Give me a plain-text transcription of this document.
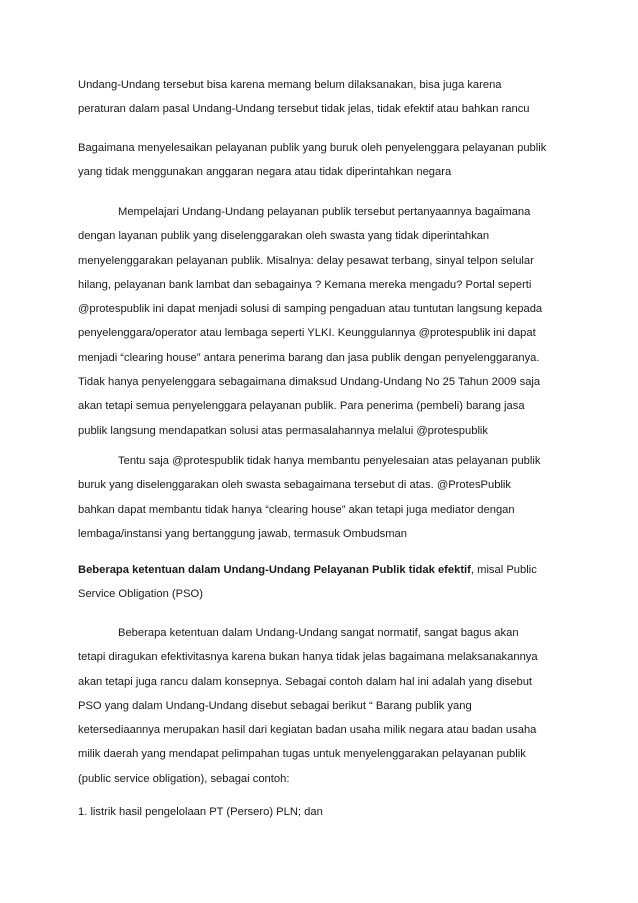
Undang-Undang tersebut bisa karena memang belum dilaksanakan, bisa juga karena
peraturan dalam pasal Undang-Undang tersebut tidak jelas, tidak efektif atau bahkan rancu
Bagaimana menyelesaikan pelayanan publik yang buruk oleh penyelenggara pelayanan publik
yang tidak menggunakan anggaran negara atau tidak diperintahkan negara
Mempelajari Undang-Undang pelayanan publik tersebut pertanyaannya bagaimana
dengan layanan publik yang diselenggarakan oleh swasta yang tidak diperintahkan
menyelenggarakan pelayanan publik. Misalnya: delay pesawat terbang, sinyal telpon selular
hilang, pelayanan bank lambat dan sebagainya ? Kemana mereka mengadu? Portal seperti
@protespublik ini dapat menjadi solusi di samping pengaduan atau tuntutan langsung kepada
penyelenggara/operator atau lembaga seperti YLKI. Keunggulannya @protespublik ini dapat
menjadi “clearing house” antara penerima barang dan jasa publik dengan penyelenggaranya.
Tidak hanya penyelenggara sebagaimana dimaksud Undang-Undang No 25 Tahun 2009 saja
akan tetapi semua penyelenggara pelayanan publik. Para penerima (pembeli) barang jasa
publik langsung mendapatkan solusi atas permasalahannya melalui @protespublik
Tentu saja @protespublik tidak hanya membantu penyelesaian atas pelayanan publik
buruk yang diselenggarakan oleh swasta sebagaimana tersebut di atas. @ProtesPublik
bahkan dapat membantu tidak hanya “clearing house” akan tetapi juga mediator dengan
lembaga/instansi yang bertanggung jawab, termasuk Ombudsman
Beberapa ketentuan dalam Undang-Undang Pelayanan Publik tidak efektif, misal Public
Service Obligation (PSO)
Beberapa ketentuan dalam Undang-Undang sangat normatif, sangat bagus akan
tetapi diragukan efektivitasnya karena bukan hanya tidak jelas bagaimana melaksanakannya
akan tetapi juga rancu dalam konsepnya. Sebagai contoh dalam hal ini adalah yang disebut
PSO yang dalam Undang-Undang disebut sebagai berikut “ Barang publik yang
ketersediaannya merupakan hasil dari kegiatan badan usaha milik negara atau badan usaha
milik daerah yang mendapat pelimpahan tugas untuk menyelenggarakan pelayanan publik
(public service obligation), sebagai contoh:
1. listrik hasil pengelolaan PT (Persero) PLN; dan
